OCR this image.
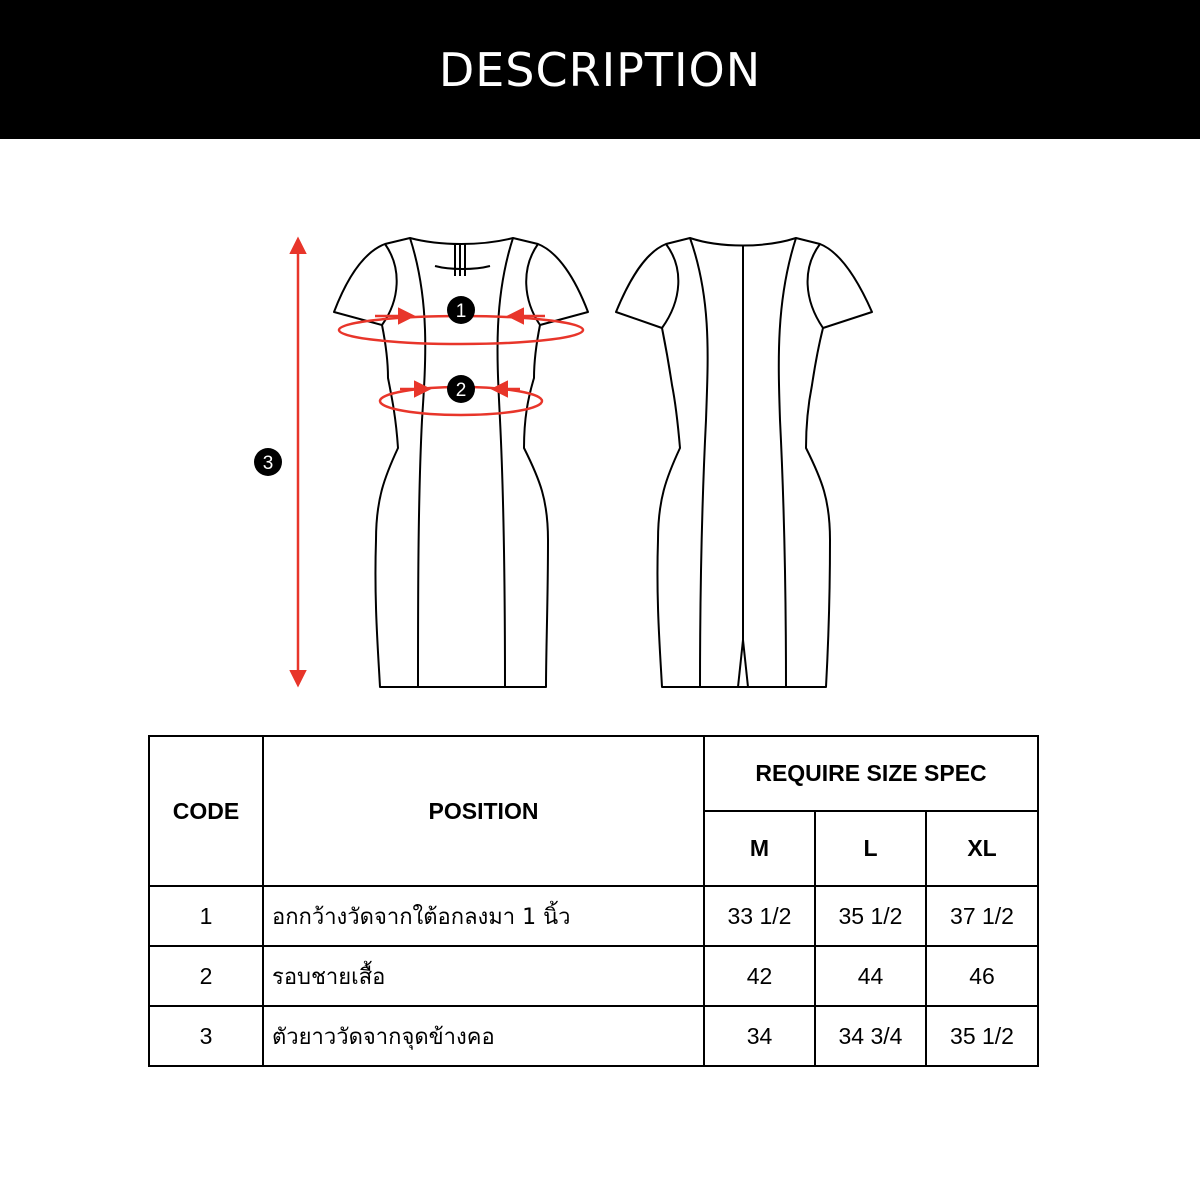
DESCRIPTION
1
2
3
CODE	POSITION	REQUIRE SIZE SPEC		
		M	L	XL
1	อกกว้างวัดจากใต้อกลงมา 1 นิ้ว	33 1/2	35 1/2	37 1/2
2	รอบชายเสื้อ	42	44	46
3	ตัวยาววัดจากจุดข้างคอ	34	34 3/4	35 1/2
